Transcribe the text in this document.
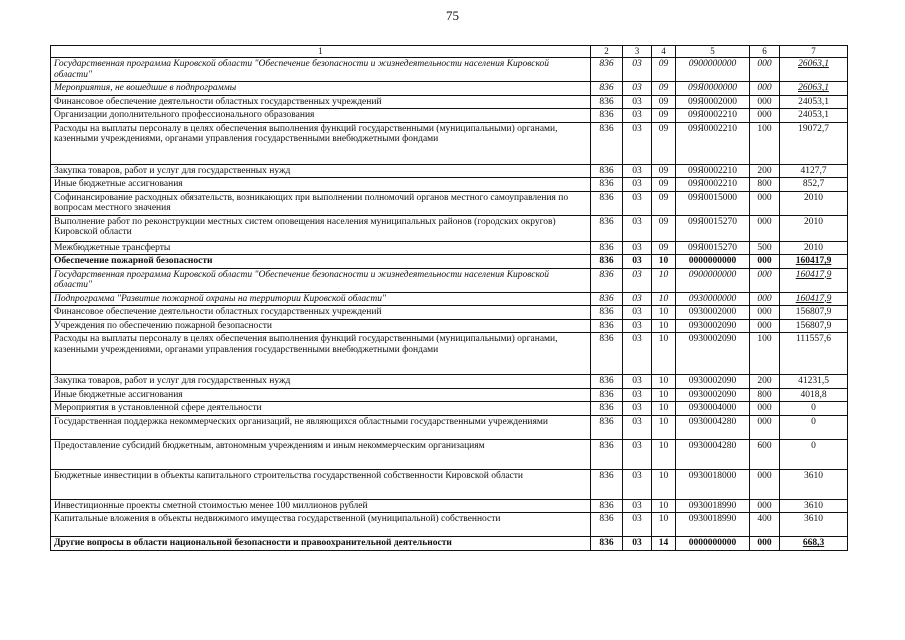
75
1	2	3	4	5	6	7
Государственная программа Кировской области "Обеспечение безопасности и жизнедеятельности населения Кировской области"	836	03	09	0900000000	000	26063,1
Мероприятия, не вошедшие в подпрограммы	836	03	09	09Я0000000	000	26063,1
Финансовое обеспечение деятельности областных государственных учреждений	836	03	09	09Я0002000	000	24053,1
Организации дополнительного профессионального образования	836	03	09	09Я0002210	000	24053,1
Расходы на выплаты персоналу в целях обеспечения выполнения функций государственными (муниципальными) органами, казенными учреждениями, органами управления государственными внебюджетными фондами	836	03	09	09Я0002210	100	19072,7
Закупка товаров, работ и услуг для государственных нужд	836	03	09	09Я0002210	200	4127,7
Иные бюджетные ассигнования	836	03	09	09Я0002210	800	852,7
Софинансирование расходных обязательств, возникающих при выполнении полномочий органов местного самоуправления по вопросам местного значения	836	03	09	09Я0015000	000	2010
Выполнение работ по реконструкции местных систем оповещения населения муниципальных районов (городских округов) Кировской области	836	03	09	09Я0015270	000	2010
Межбюджетные трансферты	836	03	09	09Я0015270	500	2010
Обеспечение пожарной безопасности	836	03	10	0000000000	000	160417,9
Государственная программа Кировской области "Обеспечение безопасности и жизнедеятельности населения Кировской области"	836	03	10	0900000000	000	160417,9
Подпрограмма "Развитие пожарной охраны на территории Кировской области"	836	03	10	0930000000	000	160417,9
Финансовое обеспечение деятельности областных государственных учреждений	836	03	10	0930002000	000	156807,9
Учреждения по обеспечению пожарной безопасности	836	03	10	0930002090	000	156807,9
Расходы на выплаты персоналу в целях обеспечения выполнения функций государственными (муниципальными) органами, казенными учреждениями, органами управления государственными внебюджетными фондами	836	03	10	0930002090	100	111557,6
Закупка товаров, работ и услуг для государственных нужд	836	03	10	0930002090	200	41231,5
Иные бюджетные ассигнования	836	03	10	0930002090	800	4018,8
Мероприятия в установленной сфере деятельности	836	03	10	0930004000	000	0
Государственная поддержка некоммерческих организаций, не являющихся областными государственными учреждениями	836	03	10	0930004280	000	0
Предоставление субсидий бюджетным, автономным учреждениям и иным некоммерческим организациям	836	03	10	0930004280	600	0
Бюджетные инвестиции в объекты капитального строительства государственной собственности Кировской области	836	03	10	0930018000	000	3610
Инвестиционные проекты сметной стоимостью менее 100 миллионов рублей	836	03	10	0930018990	000	3610
Капитальные вложения в объекты недвижимого имущества государственной (муниципальной) собственности	836	03	10	0930018990	400	3610
Другие вопросы в области национальной безопасности и правоохранительной деятельности	836	03	14	0000000000	000	668,3
